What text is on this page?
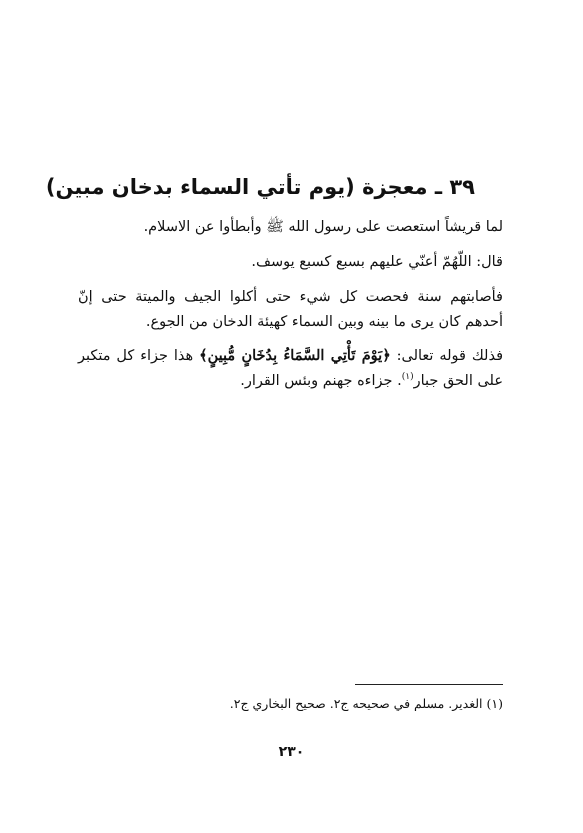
٣٩ ـ معجزة (يوم تأتي السماء بدخان مبين)
لما قريشاً استعصت على رسول الله ﷺ وأبطأوا عن الاسلام.
قال: اللّهُمّ أعنّي عليهم بسبع كسبع يوسف.
فأصابتهم سنة فحصت كل شيء حتى أكلوا الجيف والميتة حتى إنّ أحدهم كان يرى ما بينه وبين السماء كهيئة الدخان من الجوع.
فذلك قوله تعالى: ﴿يَوْمَ تَأْتِي السَّمَاءُ بِدُخَانٍ مُّبِينٍ﴾ هذا جزاء كل متكبر على الحق جبار$^{(١)}$. جزاءه جهنم وبئس القرار.
(١) الغدير. مسلم في صحيحه ج٢. صحيح البخاري ج٢.
٢٣٠
